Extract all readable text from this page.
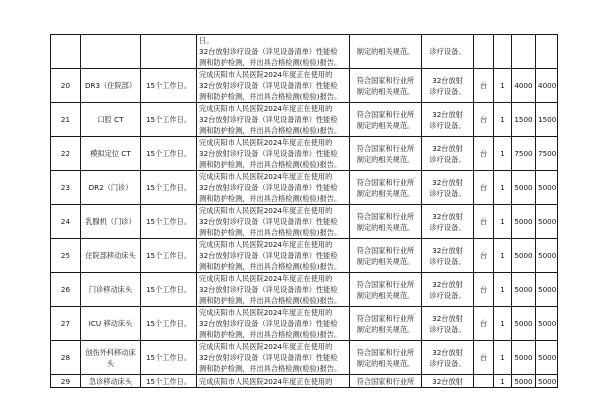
			日。
32台放射诊疗设备（详见设备清单）性能检
测和防护检测，并出具合格检测(检验)报告。	制定的相关规范。	诊疗设备。				

20	DR3（住院部）	15个工作日。	完成庆阳市人民医院2024年度正在使用的
32台放射诊疗设备（详见设备清单）性能检
测和防护检测，并出具合格检测(检验)报告。	符合国家和行业所
制定的相关规范。	32台放射
诊疗设备。	台	1	4000	4000
21	口腔 CT	15个工作日。	完成庆阳市人民医院2024年度正在使用的
32台放射诊疗设备（详见设备清单）性能检
测和防护检测，并出具合格检测(检验)报告。	符合国家和行业所
制定的相关规范。	32台放射
诊疗设备。	台	1	1500	1500
22	模拟定位 CT	15个工作日。	完成庆阳市人民医院2024年度正在使用的
32台放射诊疗设备（详见设备清单）性能检
测和防护检测，并出具合格检测(检验)报告。	符合国家和行业所
制定的相关规范。	32台放射
诊疗设备。	台	1	7500	7500
23	DR2（门诊）	15个工作日。	完成庆阳市人民医院2024年度正在使用的
32台放射诊疗设备（详见设备清单）性能检
测和防护检测，并出具合格检测(检验)报告。	符合国家和行业所
制定的相关规范。	32台放射
诊疗设备。	台	1	5000	5000
24	乳腺机（门诊）	15个工作日。	完成庆阳市人民医院2024年度正在使用的
32台放射诊疗设备（详见设备清单）性能检
测和防护检测，并出具合格检测(检验)报告。	符合国家和行业所
制定的相关规范。	32台放射
诊疗设备。	台	1	5000	5000
25	住院部移动床头	15个工作日。	完成庆阳市人民医院2024年度正在使用的
32台放射诊疗设备（详见设备清单）性能检
测和防护检测，并出具合格检测(检验)报告。	符合国家和行业所
制定的相关规范。	32台放射
诊疗设备。	台	1	5000	5000
26	门诊移动床头	15个工作日。	完成庆阳市人民医院2024年度正在使用的
32台放射诊疗设备（详见设备清单）性能检
测和防护检测，并出具合格检测(检验)报告。	符合国家和行业所
制定的相关规范。	32台放射
诊疗设备。	台	1	5000	5000
27	ICU 移动床头	15个工作日。	完成庆阳市人民医院2024年度正在使用的
32台放射诊疗设备（详见设备清单）性能检
测和防护检测，并出具合格检测(检验)报告。	符合国家和行业所
制定的相关规范。	32台放射
诊疗设备。	台	1	5000	5000
28	创伤外科移动床头	15个工作日。	完成庆阳市人民医院2024年度正在使用的
32台放射诊疗设备（详见设备清单）性能检
测和防护检测，并出具合格检测(检验)报告。	符合国家和行业所
制定的相关规范。	32台放射
诊疗设备。	台	1	5000	5000
29	急诊移动床头	15个工作日。	完成庆阳市人民医院2024年度正在使用的	符合国家和行业所	32台放射		1	5000	5000
